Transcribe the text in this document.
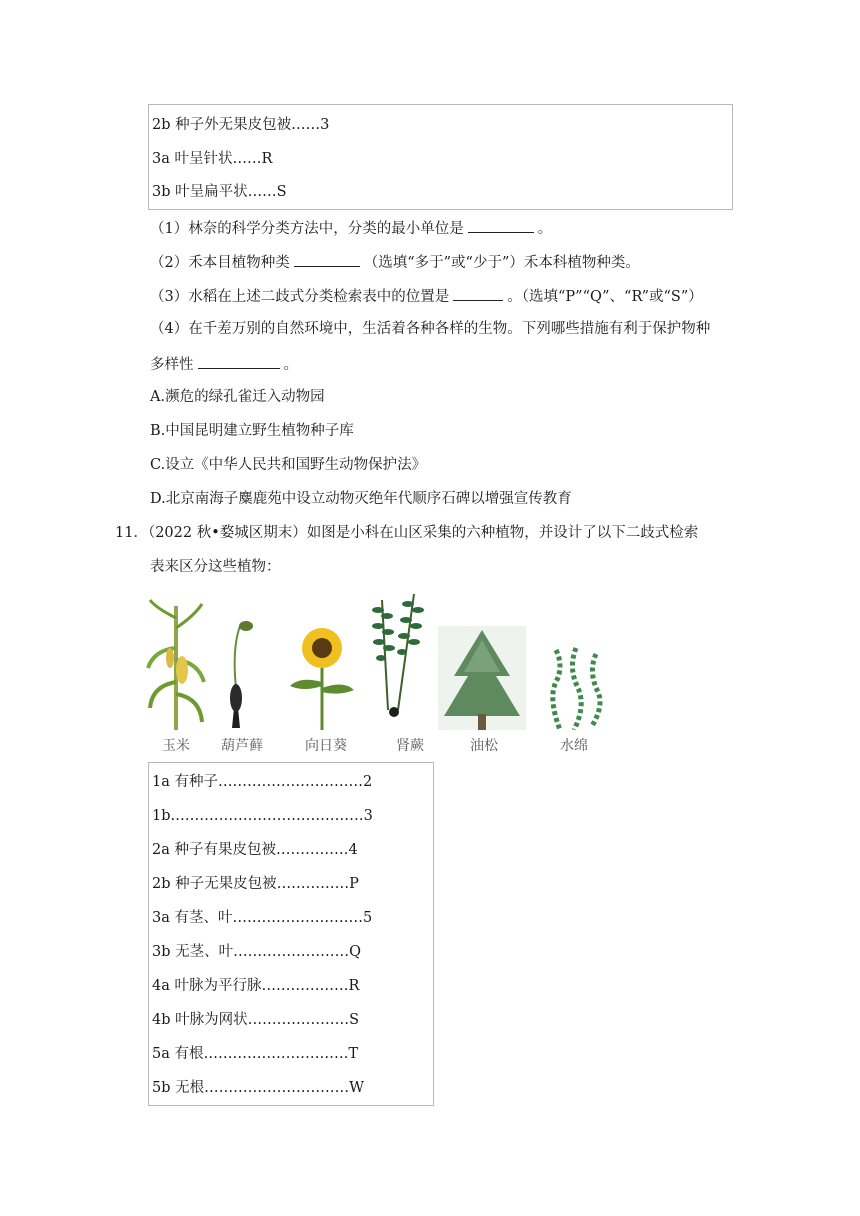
2b 种子外无果皮包被……3
3a 叶呈针状……R
3b 叶呈扁平状……S
（1）林奈的科学分类方法中，分类的最小单位是	。
（2）禾本目植物种类	（选填“多于”或“少于”）禾本科植物种类。
（3）水稻在上述二歧式分类检索表中的位置是	。（选填“P”“Q”、“R”或“S”）
（4）在千差万别的自然环境中，生活着各种各样的生物。下列哪些措施有利于保护物种
多样性	。
A.濒危的绿孔雀迁入动物园
B.中国昆明建立野生植物种子库
C.设立《中华人民共和国野生动物保护法》
D.北京南海子麋鹿苑中设立动物灭绝年代顺序石碑以增强宣传教育
11．（2022 秋•婺城区期末）如图是小科在山区采集的六种植物，并设计了以下二歧式检索
表来区分这些植物：
玉米	葫芦藓	向日葵	肾蕨	油松	水绵
1a 有种子…………………………2
1b.…………………………………3
2a 种子有果皮包被……………4
2b 种子无果皮包被……………P
3a 有茎、叶………………………5
3b 无茎、叶……………………Q
4a 叶脉为平行脉………………R
4b 叶脉为网状…………………S
5a 有根…………………………T
5b 无根…………………………W
